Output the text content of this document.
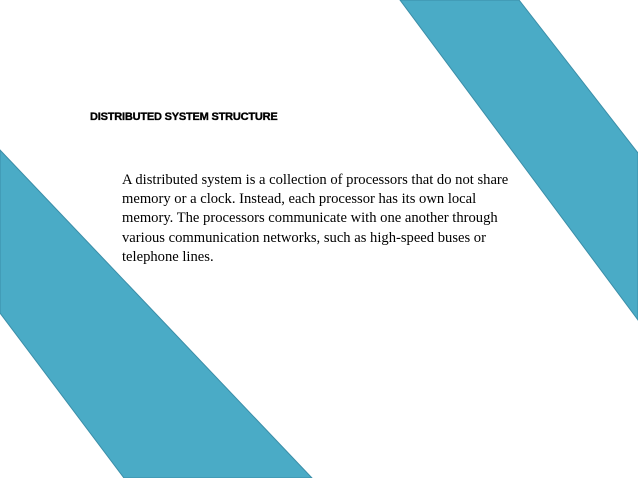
DISTRIBUTED SYSTEM STRUCTURE

A distributed system is a collection of processors that do not share memory or a clock. Instead, each processor has its own local memory. The processors communicate with one another through various communication networks, such as high-speed buses or telephone lines.
